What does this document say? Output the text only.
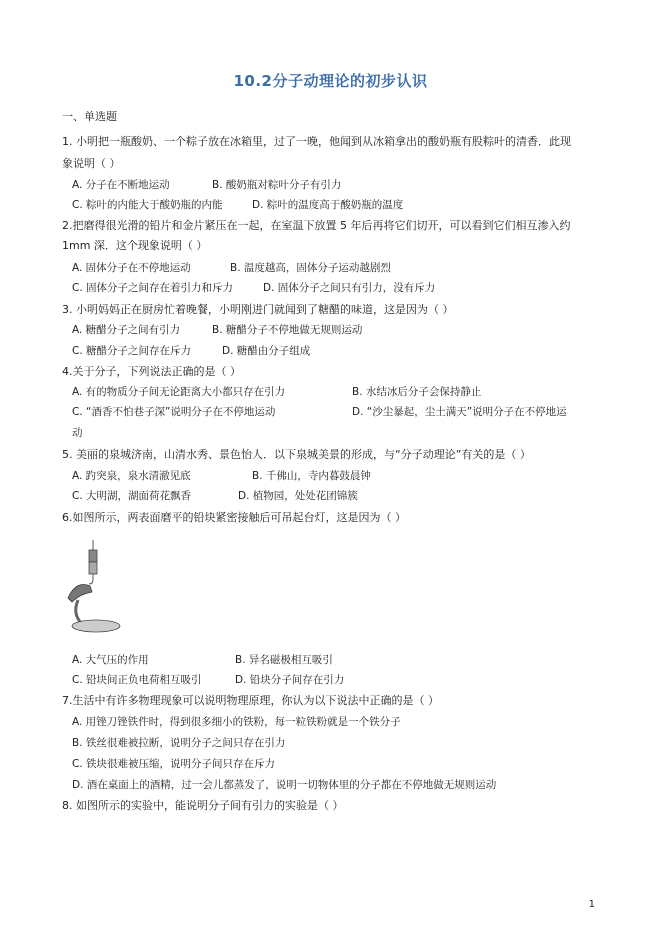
10.2分子动理论的初步认识
一、单选题
1. 小明把一瓶酸奶、一个粽子放在冰箱里，过了一晚，他闻到从冰箱拿出的酸奶瓶有股粽叶的清香．此现
象说明（ ）
A. 分子在不断地运动	B. 酸奶瓶对粽叶分子有引力
C. 粽叶的内能大于酸奶瓶的内能	D. 粽叶的温度高于酸奶瓶的温度
2.把磨得很光滑的铅片和金片紧压在一起，在室温下放置 5 年后再将它们切开，可以看到它们相互渗入约
1mm 深．这个现象说明（ ）
A. 固体分子在不停地运动	B. 温度越高，固体分子运动越剧烈
C. 固体分子之间存在着引力和斥力	D. 固体分子之间只有引力，没有斥力
3. 小明妈妈正在厨房忙着晚餐，小明刚进门就闻到了糖醋的味道，这是因为（ ）
A. 糖醋分子之间有引力	B. 糖醋分子不停地做无规则运动
C. 糖醋分子之间存在斥力	D. 糖醋由分子组成
4.关于分子，下列说法正确的是（ ）
A. 有的物质分子间无论距离大小都只存在引力	B. 水结冰后分子会保持静止
C. “酒香不怕巷子深”说明分子在不停地运动	D. “沙尘暴起，尘土满天”说明分子在不停地运
动
5. 美丽的泉城济南，山清水秀、景色怡人．以下泉城美景的形成，与“分子动理论”有关的是（ ）
A. 趵突泉，泉水清澈见底	B. 千佛山，寺内暮鼓晨钟
C. 大明湖，湖面荷花飘香	D. 植物园，处处花团锦簇
6.如图所示，两表面磨平的铅块紧密接触后可吊起台灯，这是因为（ ）
A. 大气压的作用	B. 异名磁极相互吸引
C. 铅块间正负电荷相互吸引	D. 铅块分子间存在引力
7.生活中有许多物理现象可以说明物理原理，你认为以下说法中正确的是（ ）
A. 用锉刀锉铁件时，得到很多细小的铁粉，每一粒铁粉就是一个铁分子
B. 铁丝很难被拉断，说明分子之间只存在引力
C. 铁块很难被压缩，说明分子间只存在斥力
D. 酒在桌面上的酒精，过一会儿都蒸发了，说明一切物体里的分子都在不停地做无规则运动
8. 如图所示的实验中，能说明分子间有引力的实验是（ ）
1
